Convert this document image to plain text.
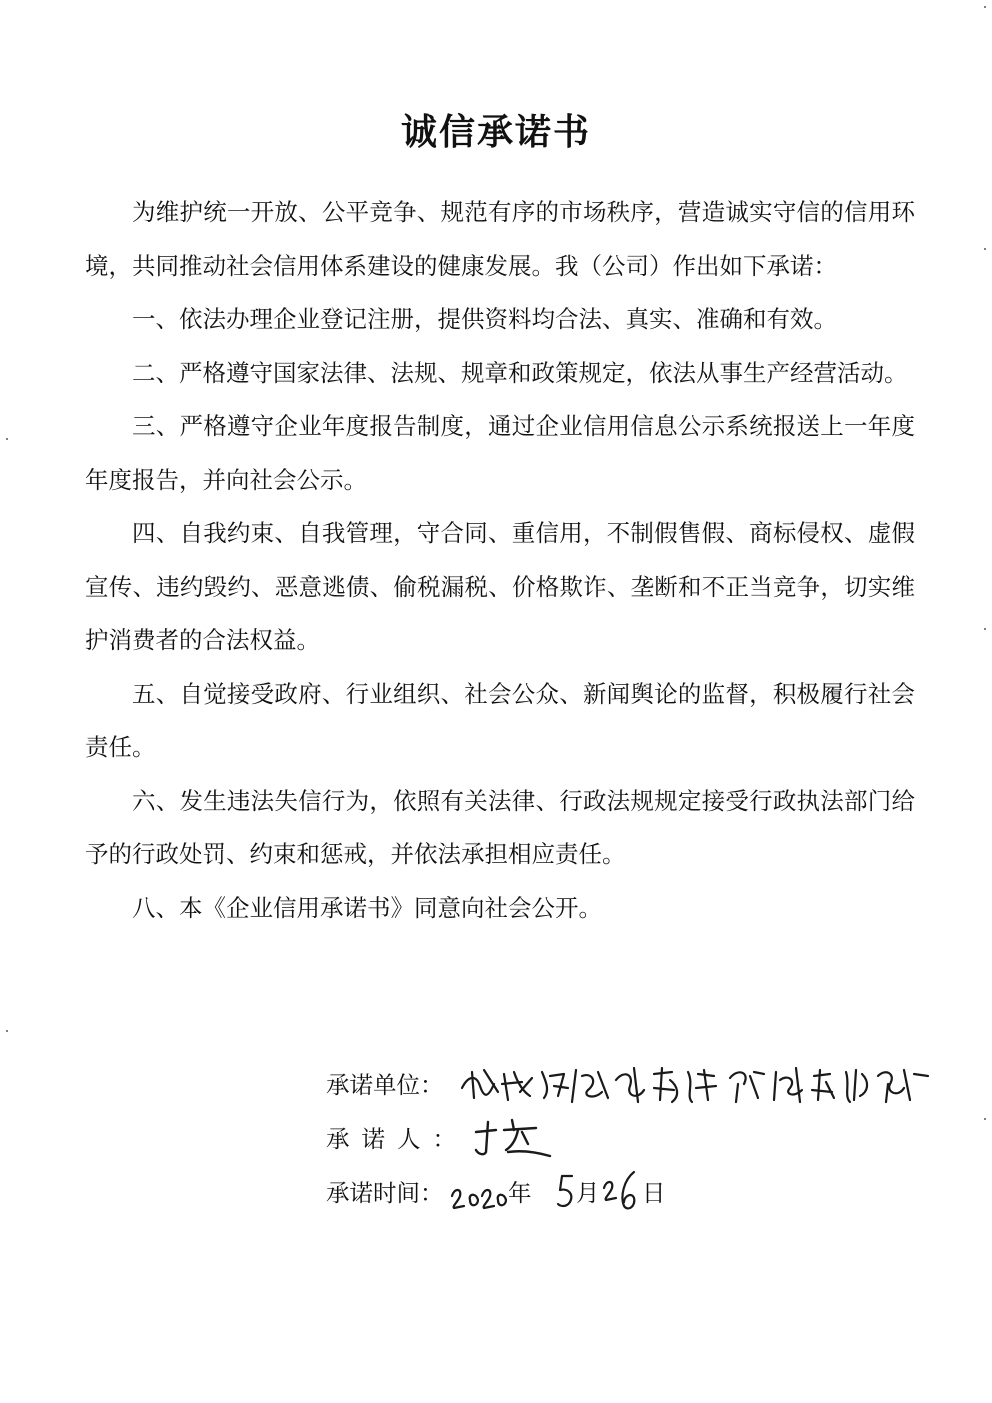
诚信承诺书

为维护统一开放、公平竞争、规范有序的市场秩序，营造诚实守信的信用环境，共同推动社会信用体系建设的健康发展。我（公司）作出如下承诺：

一、依法办理企业登记注册，提供资料均合法、真实、准确和有效。

二、严格遵守国家法律、法规、规章和政策规定，依法从事生产经营活动。

三、严格遵守企业年度报告制度，通过企业信用信息公示系统报送上一年度年度报告，并向社会公示。

四、自我约束、自我管理，守合同、重信用，不制假售假、商标侵权、虚假宣传、违约毁约、恶意逃债、偷税漏税、价格欺诈、垄断和不正当竞争，切实维护消费者的合法权益。

五、自觉接受政府、行业组织、社会公众、新闻舆论的监督，积极履行社会责任。

六、发生违法失信行为，依照有关法律、行政法规规定接受行政执法部门给予的行政处罚、约束和惩戒，并依法承担相应责任。

八、本《企业信用承诺书》同意向社会公开。

承诺单位：
承诺人：
承诺时间：	年 月 日
